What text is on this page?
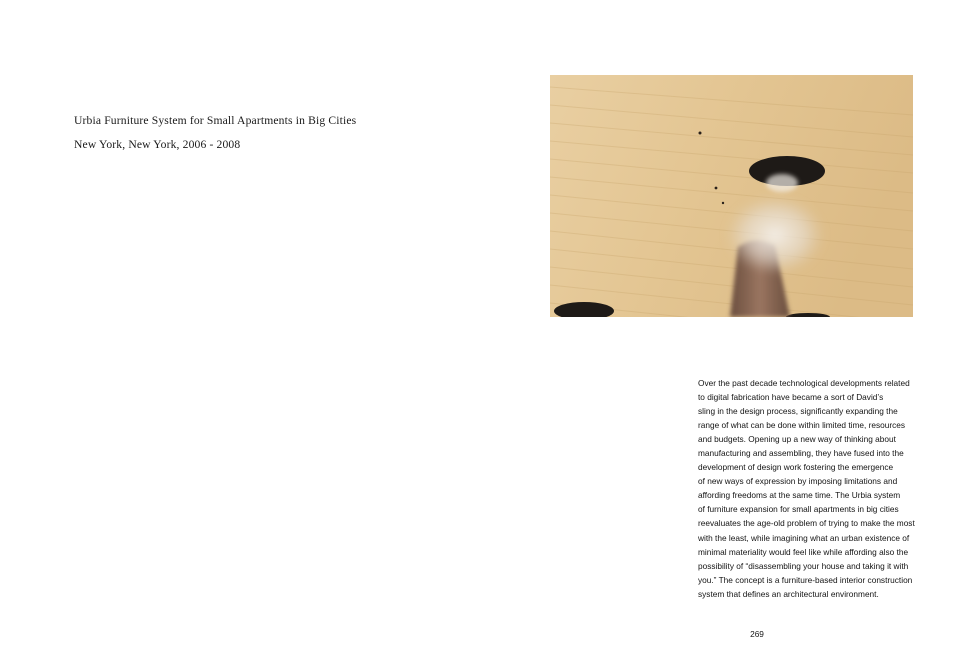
Urbia Furniture System for Small Apartments in Big Cities
New York, New York, 2006 - 2008
Over the past decade technological developments related
to digital fabrication have became a sort of David’s
sling in the design process, significantly expanding the
range of what can be done within limited time, resources
and budgets. Opening up a new way of thinking about
manufacturing and assembling, they have fused into the
development of design work fostering the emergence
of new ways of expression by imposing limitations and
affording freedoms at the same time. The Urbia system
of furniture expansion for small apartments in big cities
reevaluates the age-old problem of trying to make the most
with the least, while imagining what an urban existence of
minimal materiality would feel like while affording also the
possibility of “disassembling your house and taking it with
you.” The concept is a furniture-based interior construction
system that defines an architectural environment.
269
